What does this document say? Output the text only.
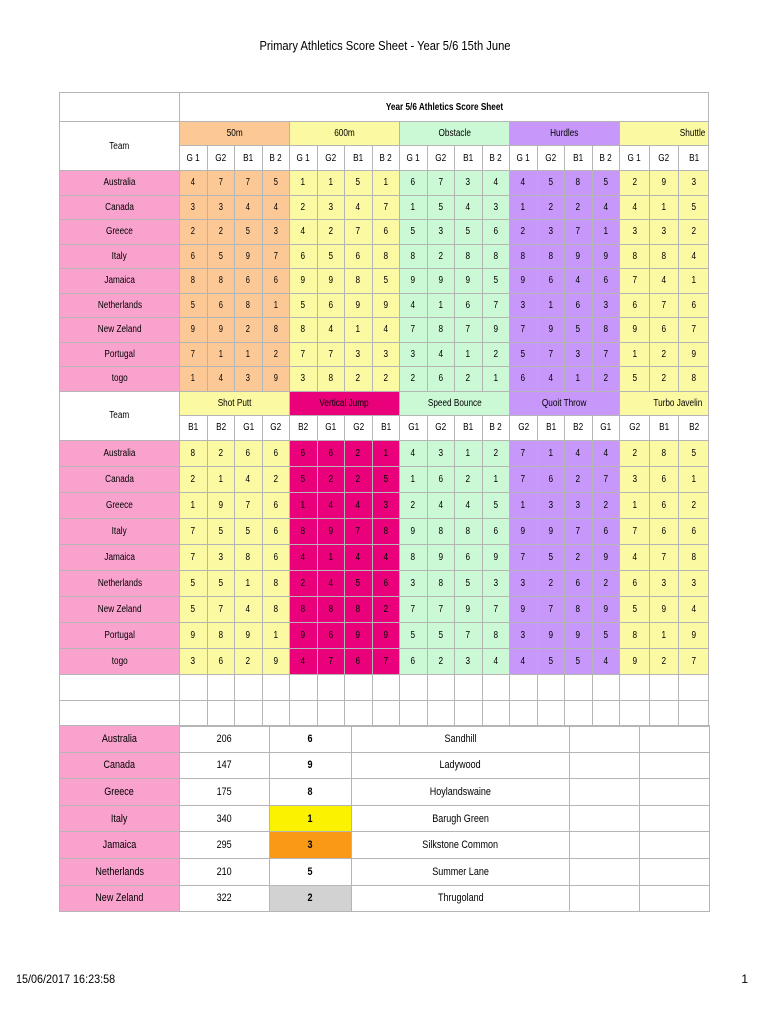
Primary Athletics Score Sheet - Year 5/6 15th June
	Year 5/6 Athletics Score Sheet																		
Team	50m				600m				Obstacle				Hurdles				Shuttle		
	G 1	G2	B1	B 2	G 1	G2	B1	B 2	G 1	G2	B1	B 2	G 1	G2	B1	B 2	G 1	G2	B1
Australia	4	7	7	5	1	1	5	1	6	7	3	4	4	5	8	5	2	9	3
Canada	3	3	4	4	2	3	4	7	1	5	4	3	1	2	2	4	4	1	5
Greece	2	2	5	3	4	2	7	6	5	3	5	6	2	3	7	1	3	3	2
Italy	6	5	9	7	6	5	6	8	8	2	8	8	8	8	9	9	8	8	4
Jamaica	8	8	6	6	9	9	8	5	9	9	9	5	9	6	4	6	7	4	1
Netherlands	5	6	8	1	5	6	9	9	4	1	6	7	3	1	6	3	6	7	6
New Zeland	9	9	2	8	8	4	1	4	7	8	7	9	7	9	5	8	9	6	7
Portugal	7	1	1	2	7	7	3	3	3	4	1	2	5	7	3	7	1	2	9
togo	1	4	3	9	3	8	2	2	2	6	2	1	6	4	1	2	5	2	8
Team	Shot Putt				Vertical Jump				Speed Bounce				Quoit Throw				Turbo Javelin		
	B1	B2	G1	G2	B2	G1	G2	B1	G1	G2	B1	B 2	G2	B1	B2	G1	G2	B1	B2
Australia	8	2	6	6	6	6	2	1	4	3	1	2	7	1	4	4	2	8	5
Canada	2	1	4	2	5	2	2	5	1	6	2	1	7	6	2	7	3	6	1
Greece	1	9	7	6	1	4	4	3	2	4	4	5	1	3	3	2	1	6	2
Italy	7	5	5	6	8	9	7	8	9	8	8	6	9	9	7	6	7	6	6
Jamaica	7	3	8	6	4	1	4	4	8	9	6	9	7	5	2	9	4	7	8
Netherlands	5	5	1	8	2	4	5	6	3	8	5	3	3	2	6	2	6	3	3
New Zeland	5	7	4	8	8	8	8	2	7	7	9	7	9	7	8	9	5	9	4
Portugal	9	8	9	1	9	6	9	9	5	5	7	8	3	9	9	5	8	1	9
togo	3	6	2	9	4	7	6	7	6	2	3	4	4	5	5	4	9	2	7

Australia	206	6	Sandhill		
Canada	147	9	Ladywood		
Greece	175	8	Hoylandswaine		
Italy	340	1	Barugh Green		
Jamaica	295	3	Silkstone Common		
Netherlands	210	5	Summer Lane		
New Zeland	322	2	Thrugoland		
15/06/2017 16:23:58	1
